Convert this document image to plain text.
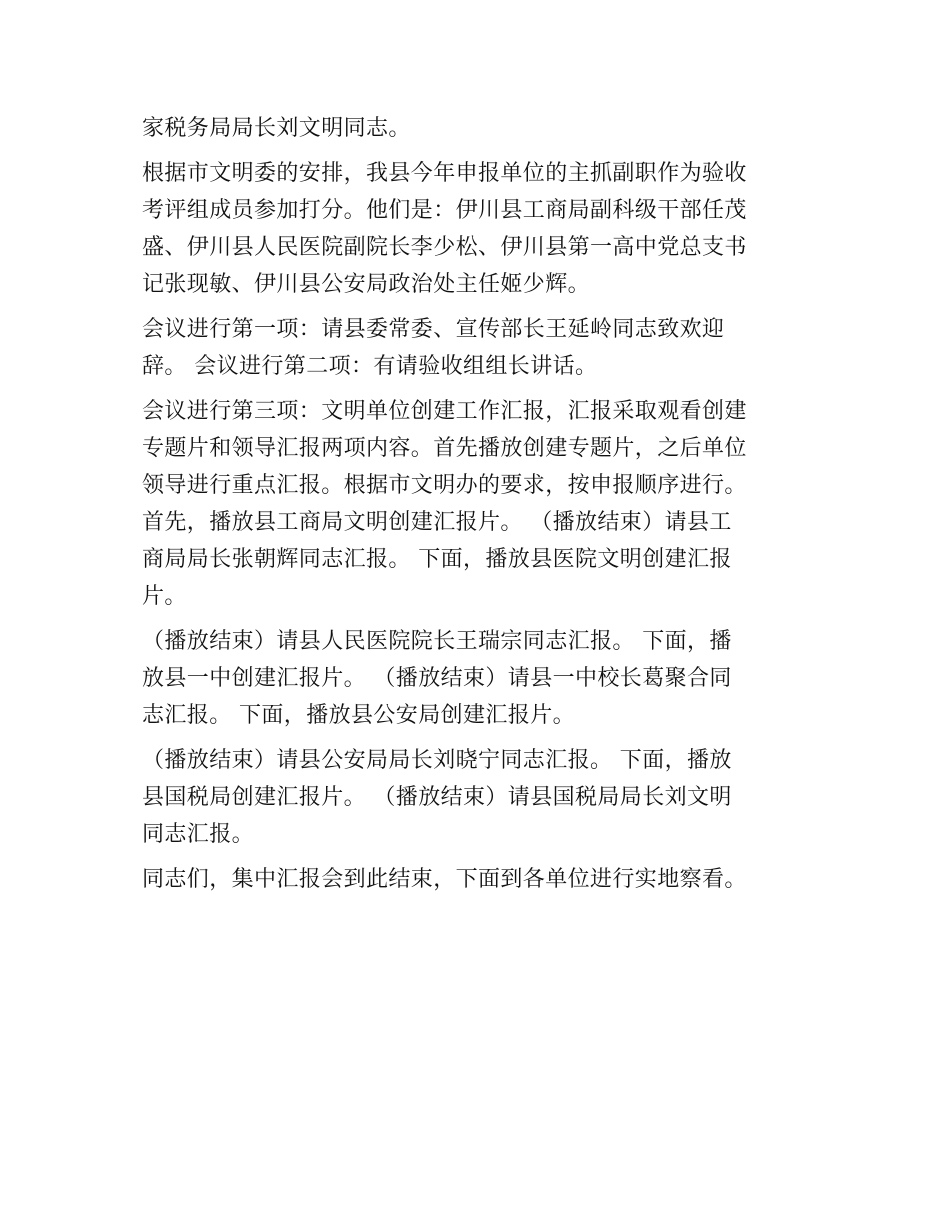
家税务局局长刘文明同志。

根据市文明委的安排，我县今年申报单位的主抓副职作为验收
考评组成员参加打分。他们是：伊川县工商局副科级干部任茂
盛、伊川县人民医院副院长李少松、伊川县第一高中党总支书
记张现敏、伊川县公安局政治处主任姬少辉。

会议进行第一项：请县委常委、宣传部长王延岭同志致欢迎
辞。 会议进行第二项：有请验收组组长讲话。

会议进行第三项：文明单位创建工作汇报，汇报采取观看创建
专题片和领导汇报两项内容。首先播放创建专题片，之后单位
领导进行重点汇报。根据市文明办的要求，按申报顺序进行。
首先，播放县工商局文明创建汇报片。 （播放结束）请县工
商局局长张朝辉同志汇报。 下面，播放县医院文明创建汇报
片。

（播放结束）请县人民医院院长王瑞宗同志汇报。 下面，播
放县一中创建汇报片。 （播放结束）请县一中校长葛聚合同
志汇报。 下面，播放县公安局创建汇报片。

（播放结束）请县公安局局长刘晓宁同志汇报。 下面，播放
县国税局创建汇报片。 （播放结束）请县国税局局长刘文明
同志汇报。

同志们，集中汇报会到此结束，下面到各单位进行实地察看。
